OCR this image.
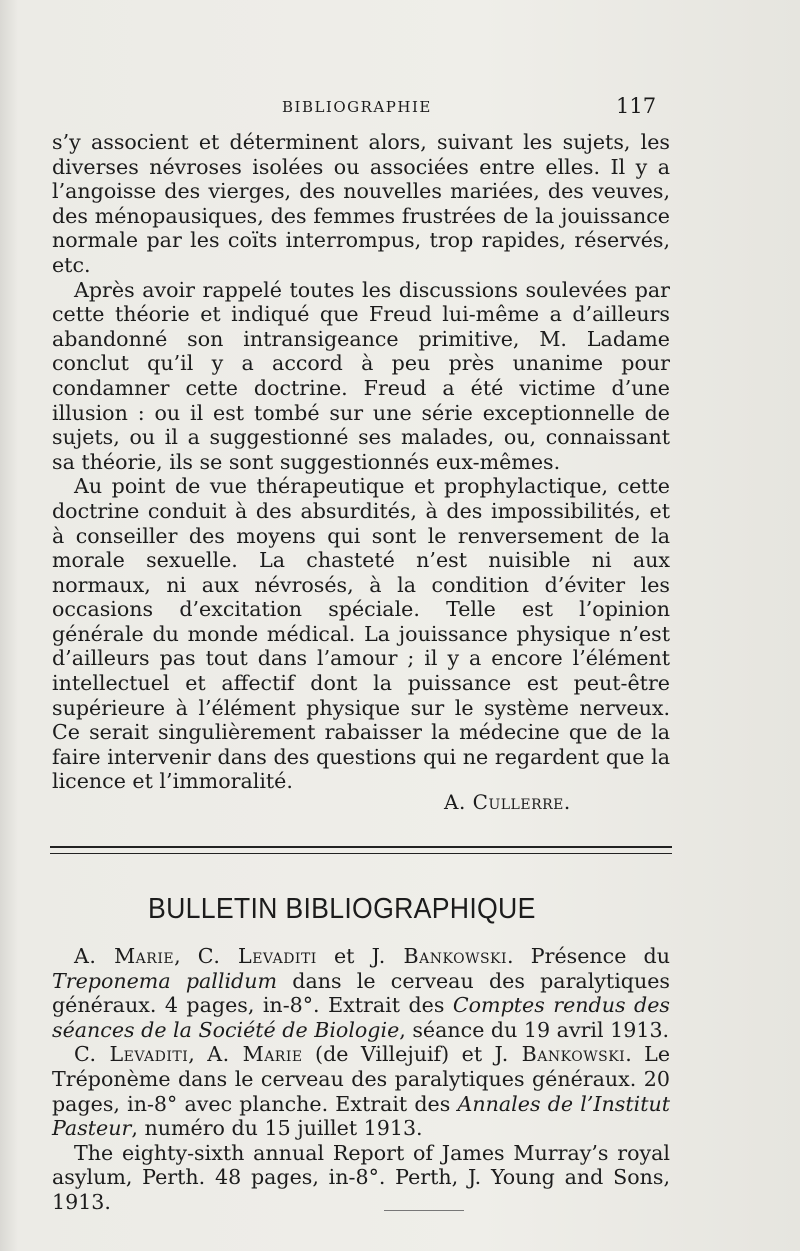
BIBLIOGRAPHIE	117

s’y associent et déterminent alors, suivant les sujets, les diverses névroses isolées ou associées entre elles. Il y a l’angoisse des vierges, des nouvelles mariées, des veuves, des ménopausiques, des femmes frustrées de la jouissance normale par les coïts interrompus, trop rapides, réservés, etc.

Après avoir rappelé toutes les discussions soulevées par cette théorie et indiqué que Freud lui-même a d’ailleurs abandonné son intransigeance primitive, M. Ladame conclut qu’il y a accord à peu près unanime pour condamner cette doctrine. Freud a été victime d’une illusion : ou il est tombé sur une série exceptionnelle de sujets, ou il a suggestionné ses malades, ou, connaissant sa théorie, ils se sont suggestionnés eux-mêmes.

Au point de vue thérapeutique et prophylactique, cette doctrine conduit à des absurdités, à des impossibilités, et à conseiller des moyens qui sont le renversement de la morale sexuelle. La chasteté n’est nuisible ni aux normaux, ni aux névrosés, à la condition d’éviter les occasions d’excitation spéciale. Telle est l’opinion générale du monde médical. La jouissance physique n’est d’ailleurs pas tout dans l’amour ; il y a encore l’élément intellectuel et affectif dont la puissance est peut-être supérieure à l’élément physique sur le système nerveux. Ce serait singulièrement rabaisser la médecine que de la faire intervenir dans des questions qui ne regardent que la licence et l’immoralité.

A. Cullerre.
BULLETIN BIBLIOGRAPHIQUE

A. Marie, C. Levaditi et J. Bankowski. Présence du Treponema pallidum dans le cerveau des paralytiques généraux. 4 pages, in-8°. Extrait des Comptes rendus des séances de la Société de Biologie, séance du 19 avril 1913.

C. Levaditi, A. Marie (de Villejuif) et J. Bankowski. Le Tréponème dans le cerveau des paralytiques généraux. 20 pages, in-8° avec planche. Extrait des Annales de l’Institut Pasteur, numéro du 15 juillet 1913.

The eighty-sixth annual Report of James Murray’s royal asylum, Perth. 48 pages, in-8°. Perth, J. Young and Sons, 1913.
